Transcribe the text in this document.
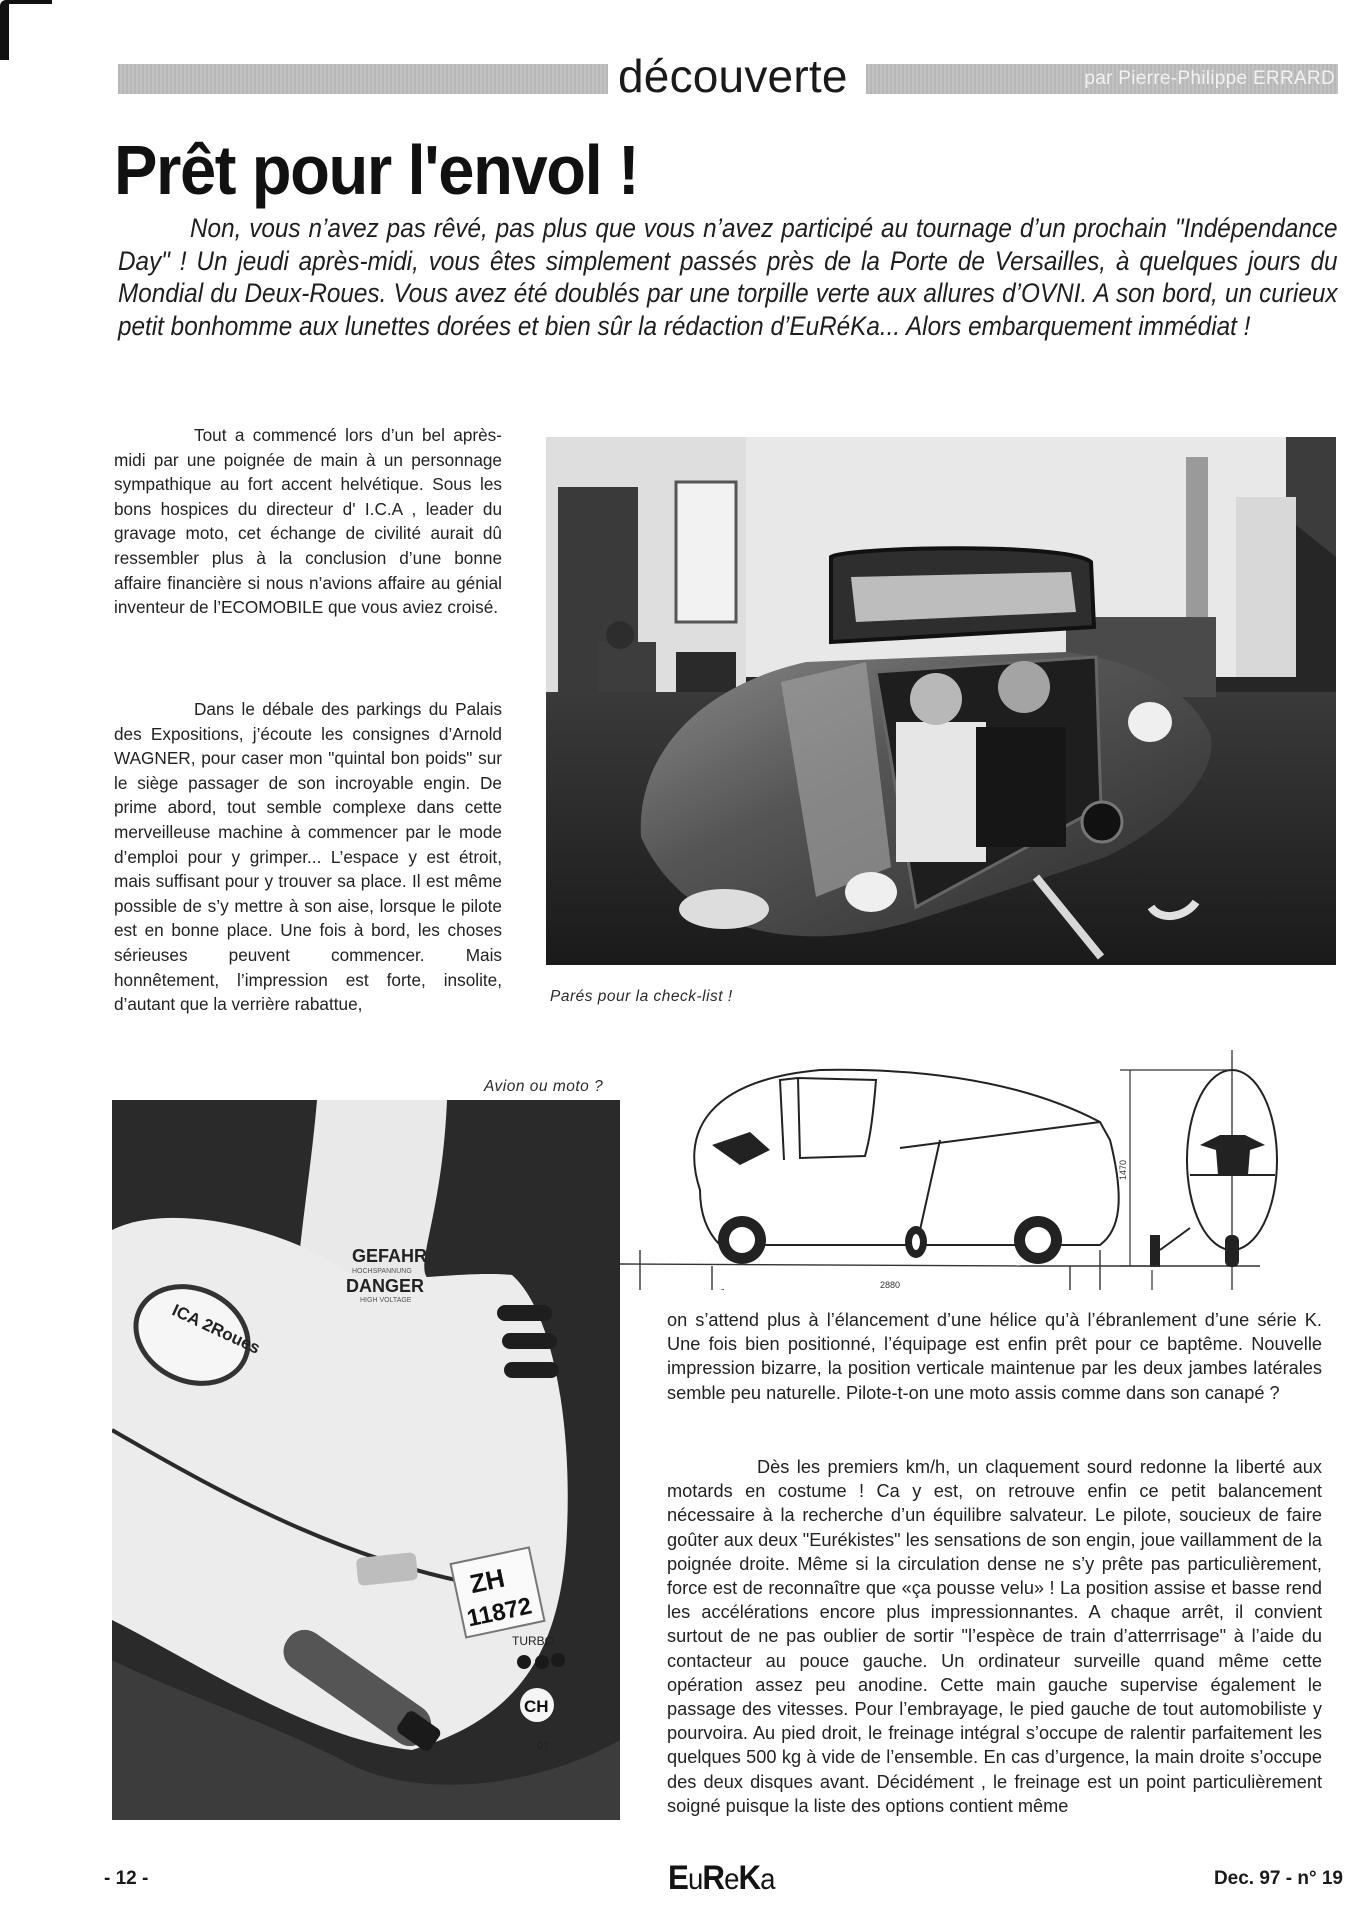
découverte	par Pierre-Philippe ERRARD
Prêt pour l'envol !

Non, vous n’avez pas rêvé, pas plus que vous n’avez participé au tournage d’un prochain "Indépendance Day" ! Un jeudi après-midi, vous êtes simplement passés près de la Porte de Versailles, à quelques jours du Mondial du Deux-Roues. Vous avez été doublés par une torpille verte aux allures d’OVNI. A son bord, un curieux petit bonhomme aux lunettes dorées et bien sûr la rédaction d’EuRéKa... Alors embarquement immédiat !

Tout a commencé lors d’un bel après-midi par une poignée de main à un personnage sympathique au fort accent helvétique. Sous les bons hospices du directeur d' I.C.A , leader du gravage moto, cet échange de civilité aurait dû ressembler plus à la conclusion d’une bonne affaire financière si nous n’avions affaire au génial inventeur de l’ECOMOBILE que vous aviez croisé.

Dans le débale des parkings du Palais des Expositions, j’écoute les consignes d’Arnold WAGNER, pour caser mon "quintal bon poids" sur le siège passager de son incroyable engin. De prime abord, tout semble complexe dans cette merveilleuse machine à commencer par le mode d’emploi pour y grimper... L’espace y est étroit, mais suffisant pour y trouver sa place. Il est même possible de s’y mettre à son aise, lorsque le pilote est en bonne place. Une fois à bord, les choses sérieuses peuvent commencer. Mais honnêtement, l’impression est forte, insolite, d’autant que la verrière rabattue,	Parés pour la check-list !
Avion ou moto ?
ICA 2Roues
GEFAHR
HOCHSPANNUNG
DANGER
HIGH VOLTAGE
ZH
11872
TURBO
CH
97
2880
1470

on s’attend plus à l’élancement d’une hélice qu’à l’ébranlement d’une série K. Une fois bien positionné, l’équipage est enfin prêt pour ce baptême. Nouvelle impression bizarre, la position verticale maintenue par les deux jambes latérales semble peu naturelle. Pilote-t-on une moto assis comme dans son canapé ?

Dès les premiers km/h, un claquement sourd redonne la liberté aux motards en costume ! Ca y est, on retrouve enfin ce petit balancement nécessaire à la recherche d’un équilibre salvateur. Le pilote, soucieux de faire goûter aux deux "Eurékistes" les sensations de son engin, joue vaillamment de la poignée droite. Même si la circulation dense ne s’y prête pas particulièrement, force est de reconnaître que «ça pousse velu» ! La position assise et basse rend les accélérations encore plus impressionnantes. A chaque arrêt, il convient surtout de ne pas oublier de sortir "l’espèce de train d’atterrrisage" à l’aide du contacteur au pouce gauche. Un ordinateur surveille quand même cette opération assez peu anodine. Cette main gauche supervise également le passage des vitesses. Pour l’embrayage, le pied gauche de tout automobiliste y pourvoira. Au pied droit, le freinage intégral s’occupe de ralentir parfaitement les quelques 500 kg à vide de l’ensemble. En cas d’urgence, la main droite s’occupe des deux disques avant. Décidément , le freinage est un point particulièrement soigné puisque la liste des options contient même

- 12 -	EuReKa	Dec. 97 - n° 19
